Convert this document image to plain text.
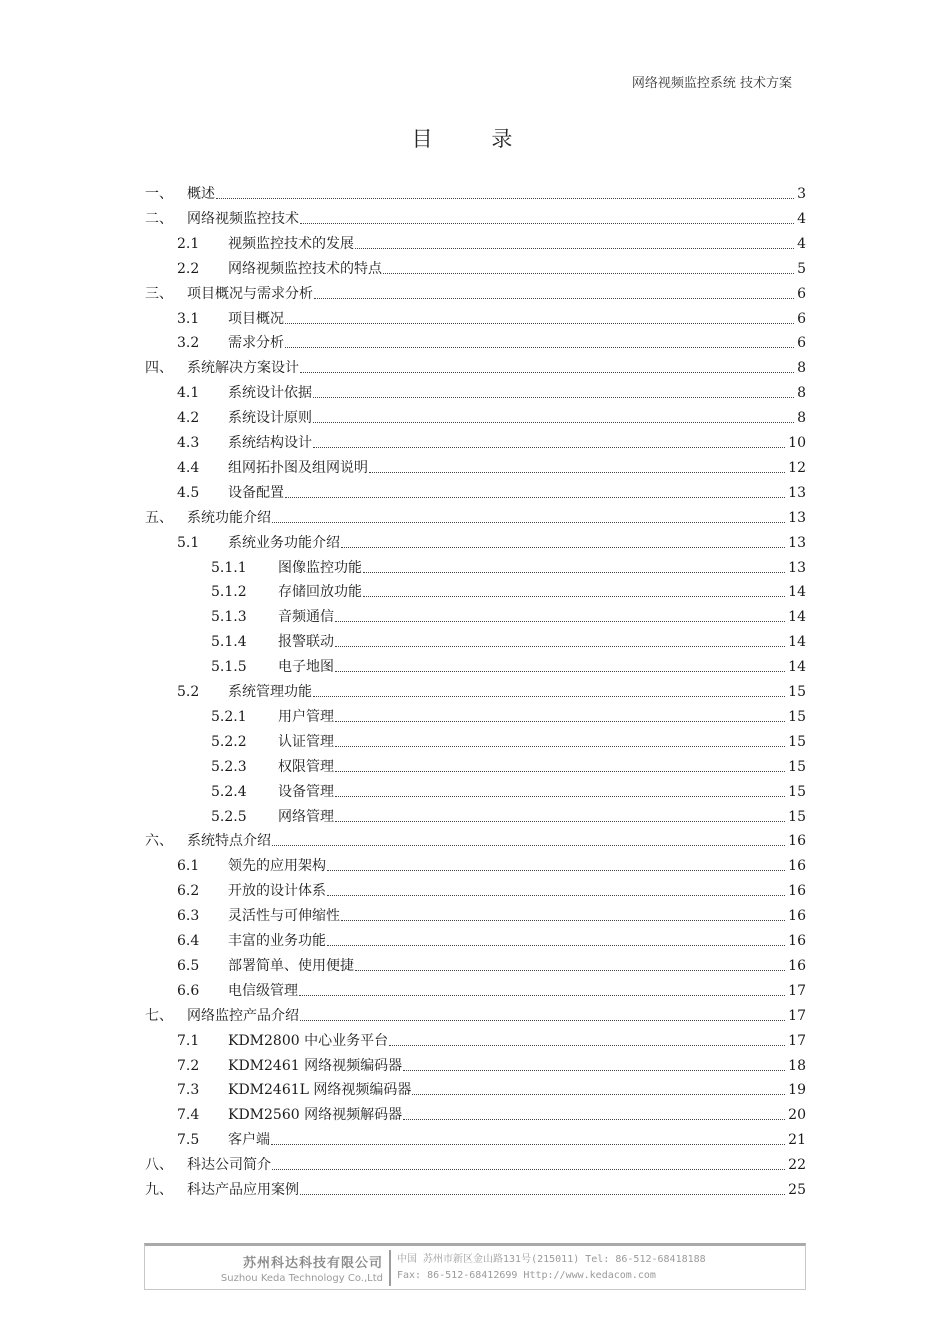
网络视频监控系统 技术方案
目 录
一、	概述	3
二、	网络视频监控技术	4
2.1	视频监控技术的发展	4
2.2	网络视频监控技术的特点	5
三、	项目概况与需求分析	6
3.1	项目概况	6
3.2	需求分析	6
四、	系统解决方案设计	8
4.1	系统设计依据	8
4.2	系统设计原则	8
4.3	系统结构设计	10
4.4	组网拓扑图及组网说明	12
4.5	设备配置	13
五、	系统功能介绍	13
5.1	系统业务功能介绍	13
5.1.1	图像监控功能	13
5.1.2	存储回放功能	14
5.1.3	音频通信	14
5.1.4	报警联动	14
5.1.5	电子地图	14
5.2	系统管理功能	15
5.2.1	用户管理	15
5.2.2	认证管理	15
5.2.3	权限管理	15
5.2.4	设备管理	15
5.2.5	网络管理	15
六、	系统特点介绍	16
6.1	领先的应用架构	16
6.2	开放的设计体系	16
6.3	灵活性与可伸缩性	16
6.4	丰富的业务功能	16
6.5	部署简单、使用便捷	16
6.6	电信级管理	17
七、	网络监控产品介绍	17
7.1	KDM2800 中心业务平台	17
7.2	KDM2461 网络视频编码器	18
7.3	KDM2461L 网络视频编码器	19
7.4	KDM2560 网络视频解码器	20
7.5	客户端	21
八、	科达公司简介	22
九、	科达产品应用案例	25
苏州科达科技有限公司
Suzhou Keda Technology Co.,Ltd
中国 苏州市新区金山路131号(215011) Tel: 86-512-68418188
Fax: 86-512-68412699 Http://www.kedacom.com
